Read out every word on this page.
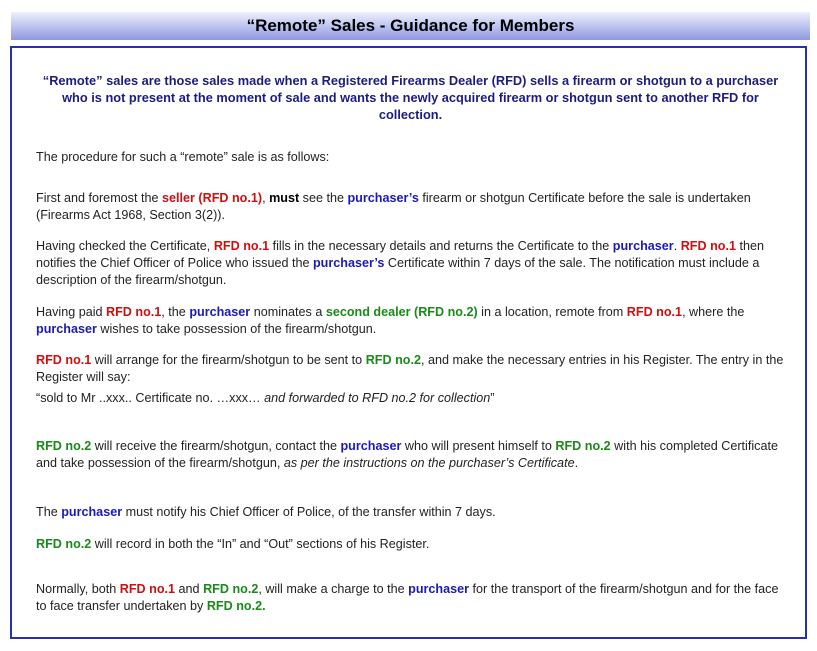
“Remote” Sales - Guidance for Members
“Remote” sales are those sales made when a Registered Firearms Dealer (RFD) sells a firearm or shotgun to a purchaser who is not present at the moment of sale and wants the newly acquired firearm or shotgun sent to another RFD for collection.
The procedure for such a “remote” sale is as follows:
First and foremost the seller (RFD no.1), must see the purchaser’s firearm or shotgun Certificate before the sale is undertaken (Firearms Act 1968, Section 3(2)).
Having checked the Certificate, RFD no.1 fills in the necessary details and returns the Certificate to the purchaser. RFD no.1 then notifies the Chief Officer of Police who issued the purchaser’s Certificate within 7 days of the sale. The notification must include a description of the firearm/shotgun.
Having paid RFD no.1, the purchaser nominates a second dealer (RFD no.2) in a location, remote from RFD no.1, where the purchaser wishes to take possession of the firearm/shotgun.
RFD no.1 will arrange for the firearm/shotgun to be sent to RFD no.2, and make the necessary entries in his Register. The entry in the Register will say:
“sold to Mr ..xxx.. Certificate no. …xxx… and forwarded to RFD no.2 for collection”
RFD no.2 will receive the firearm/shotgun, contact the purchaser who will present himself to RFD no.2 with his completed Certificate and take possession of the firearm/shotgun, as per the instructions on the purchaser’s Certificate.
The purchaser must notify his Chief Officer of Police, of the transfer within 7 days.
RFD no.2 will record in both the “In” and “Out” sections of his Register.
Normally, both RFD no.1 and RFD no.2, will make a charge to the purchaser for the transport of the firearm/shotgun and for the face to face transfer undertaken by RFD no.2.
